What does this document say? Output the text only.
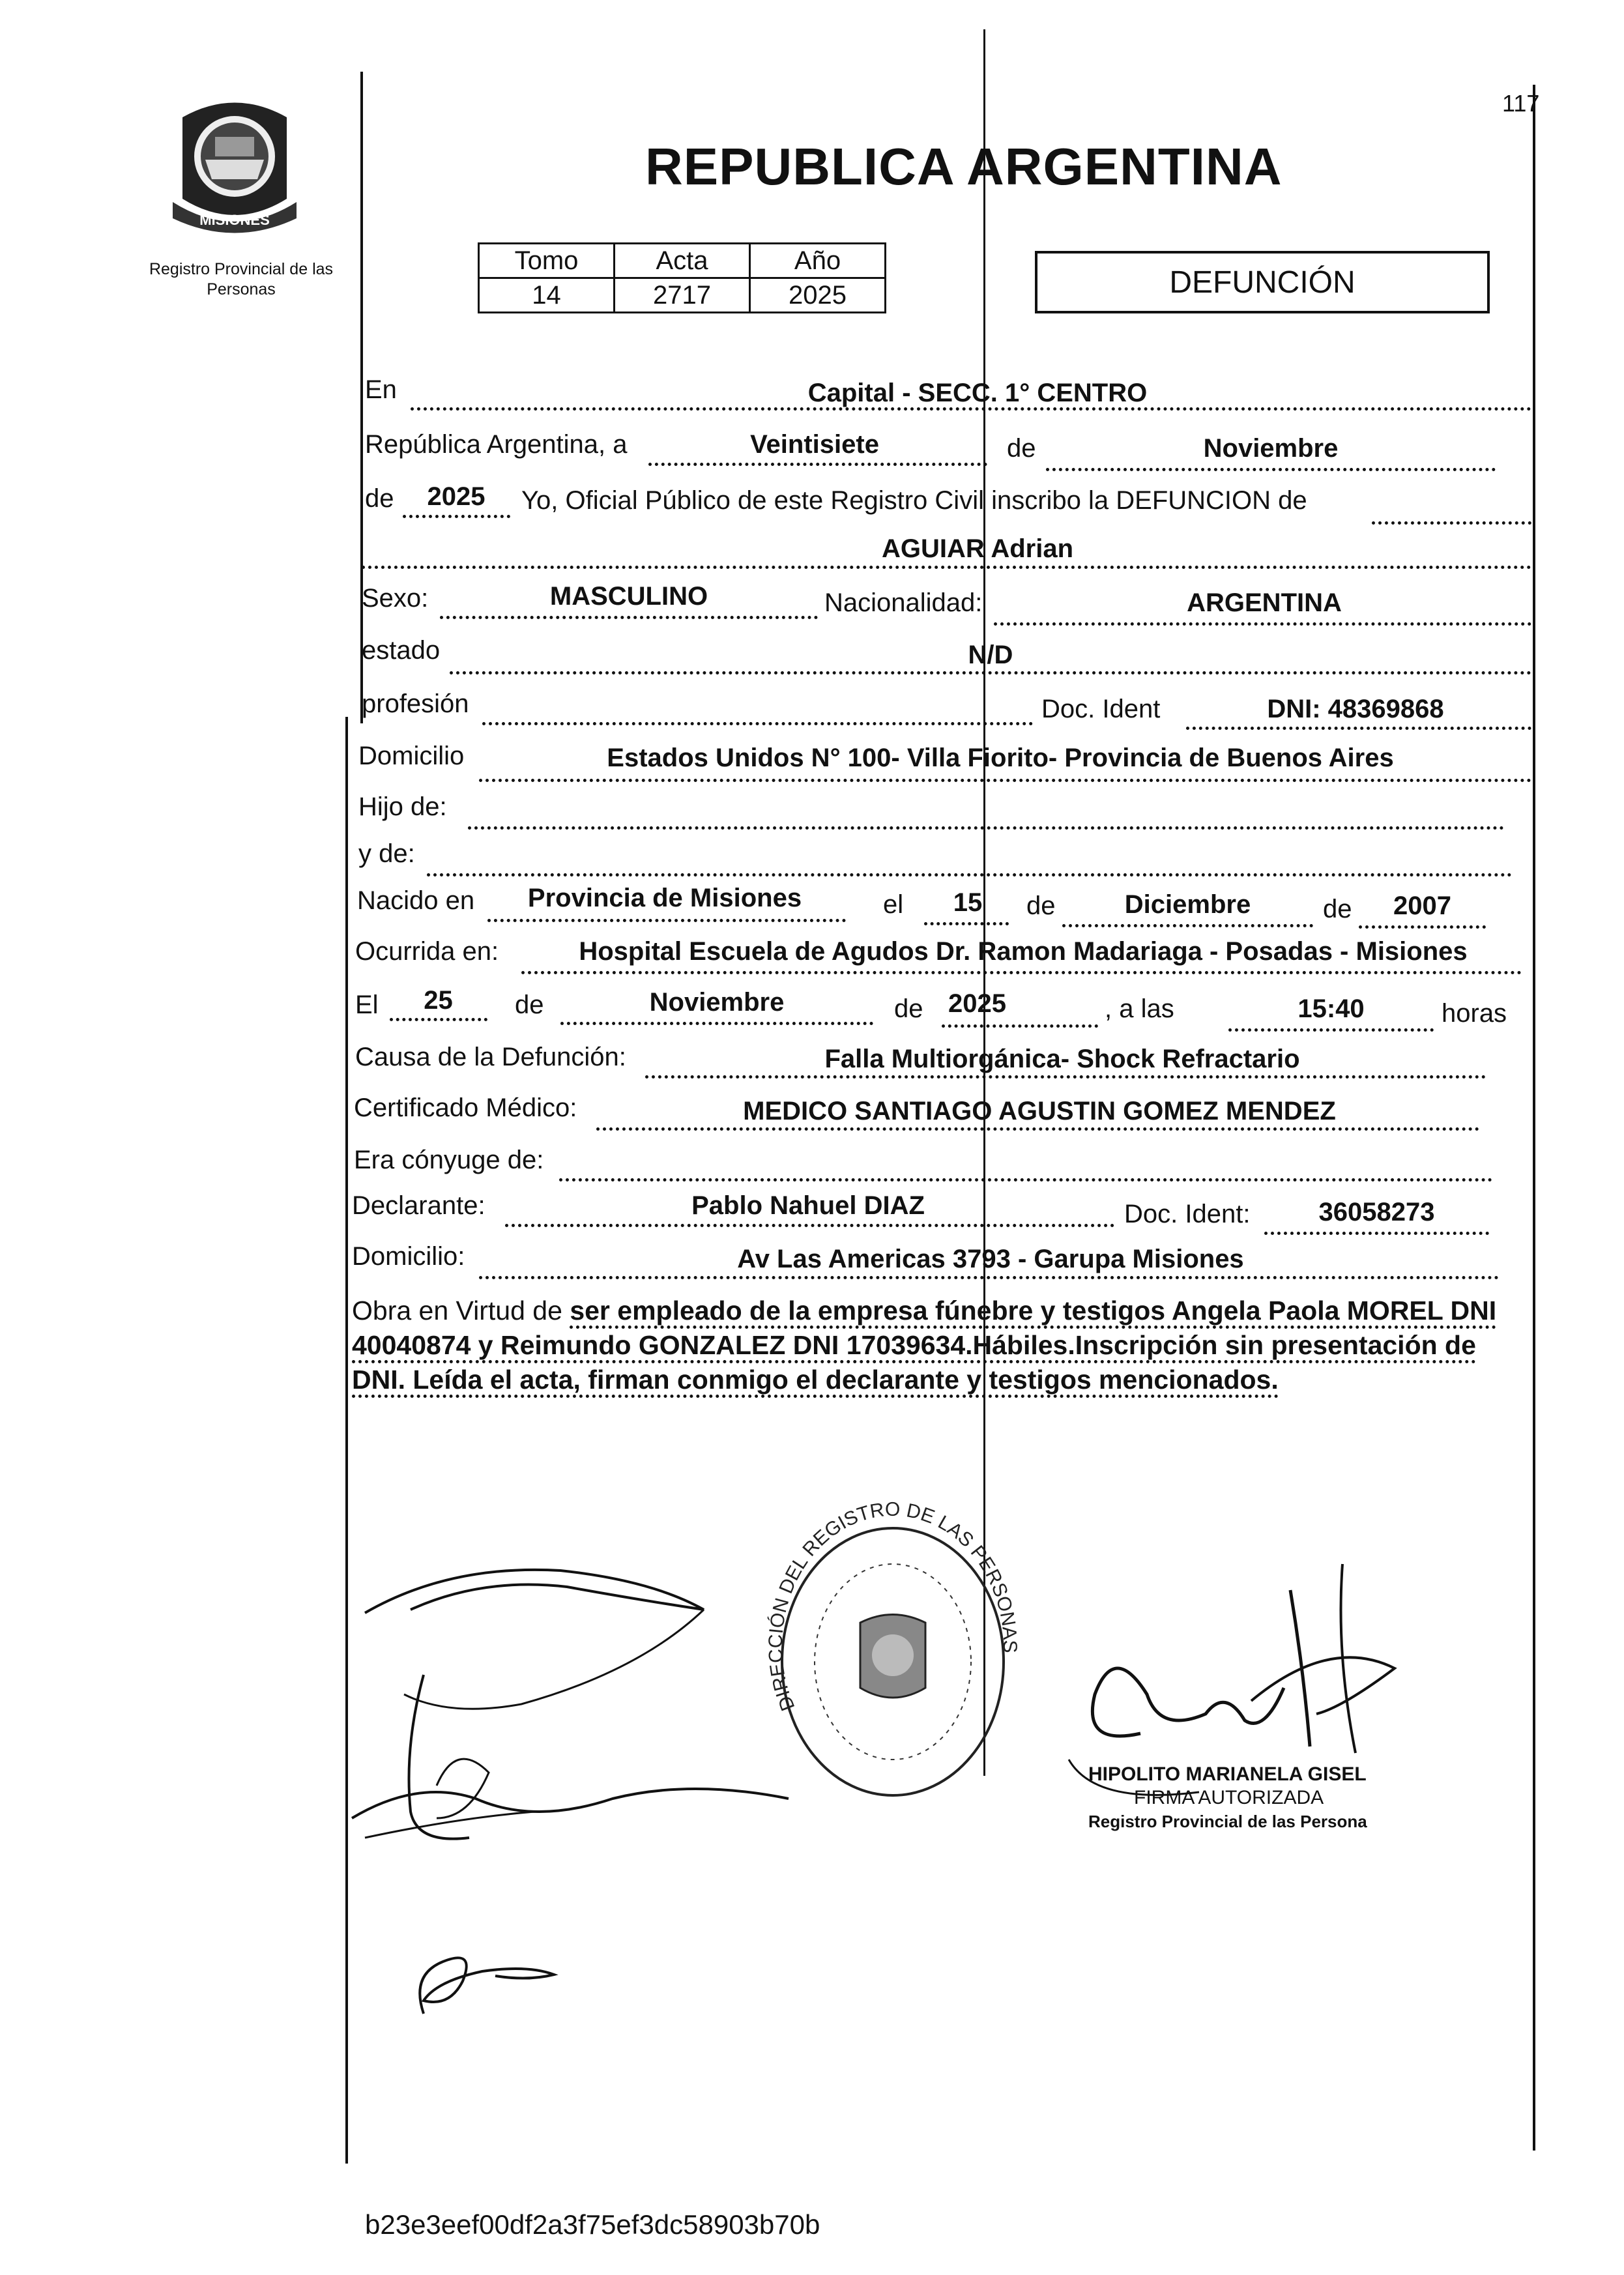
MISIONES
Registro Provincial de las Personas
117
REPUBLICA ARGENTINA
Tomo	Acta	Año
14	2717	2025	DEFUNCIÓN
En	Capital - SECC. 1° CENTRO
República Argentina, a	Veintisiete	de	Noviembre
de	2025	Yo, Oficial Público de este Registro Civil inscribo la DEFUNCION de
AGUIAR Adrian
Sexo:	MASCULINO	Nacionalidad:	ARGENTINA
estado	N/D
profesión	Doc. Ident	DNI: 48369868
Domicilio	Estados Unidos N° 100- Villa Fiorito- Provincia de Buenos Aires
Hijo de:
y de:
Nacido en	Provincia de Misiones	el	15	de	Diciembre	de	2007
Ocurrida en:	Hospital Escuela de Agudos Dr. Ramon Madariaga - Posadas - Misiones
El	25	de	Noviembre	de 2025	, a las	15:40	horas
Causa de la Defunción:	Falla Multiorgánica- Shock Refractario
Certificado Médico:	MEDICO SANTIAGO AGUSTIN GOMEZ MENDEZ
Era cónyuge de:
Declarante:	Pablo Nahuel DIAZ	Doc. Ident:	36058273
Domicilio:	Av Las Americas 3793 - Garupa Misiones
Obra en Virtud de ser empleado de la empresa fúnebre y testigos Angela Paola MOREL DNI 40040874 y Reimundo GONZALEZ DNI 17039634.Hábiles.Inscripción sin presentación de DNI. Leída el acta, firman conmigo el declarante y testigos mencionados.
DIRECCIÓN DEL REGISTRO DE LAS PERSONAS
HIPOLITO MARIANELA GISEL
FIRMA AUTORIZADA
Registro Provincial de las Persona
b23e3eef00df2a3f75ef3dc58903b70b
